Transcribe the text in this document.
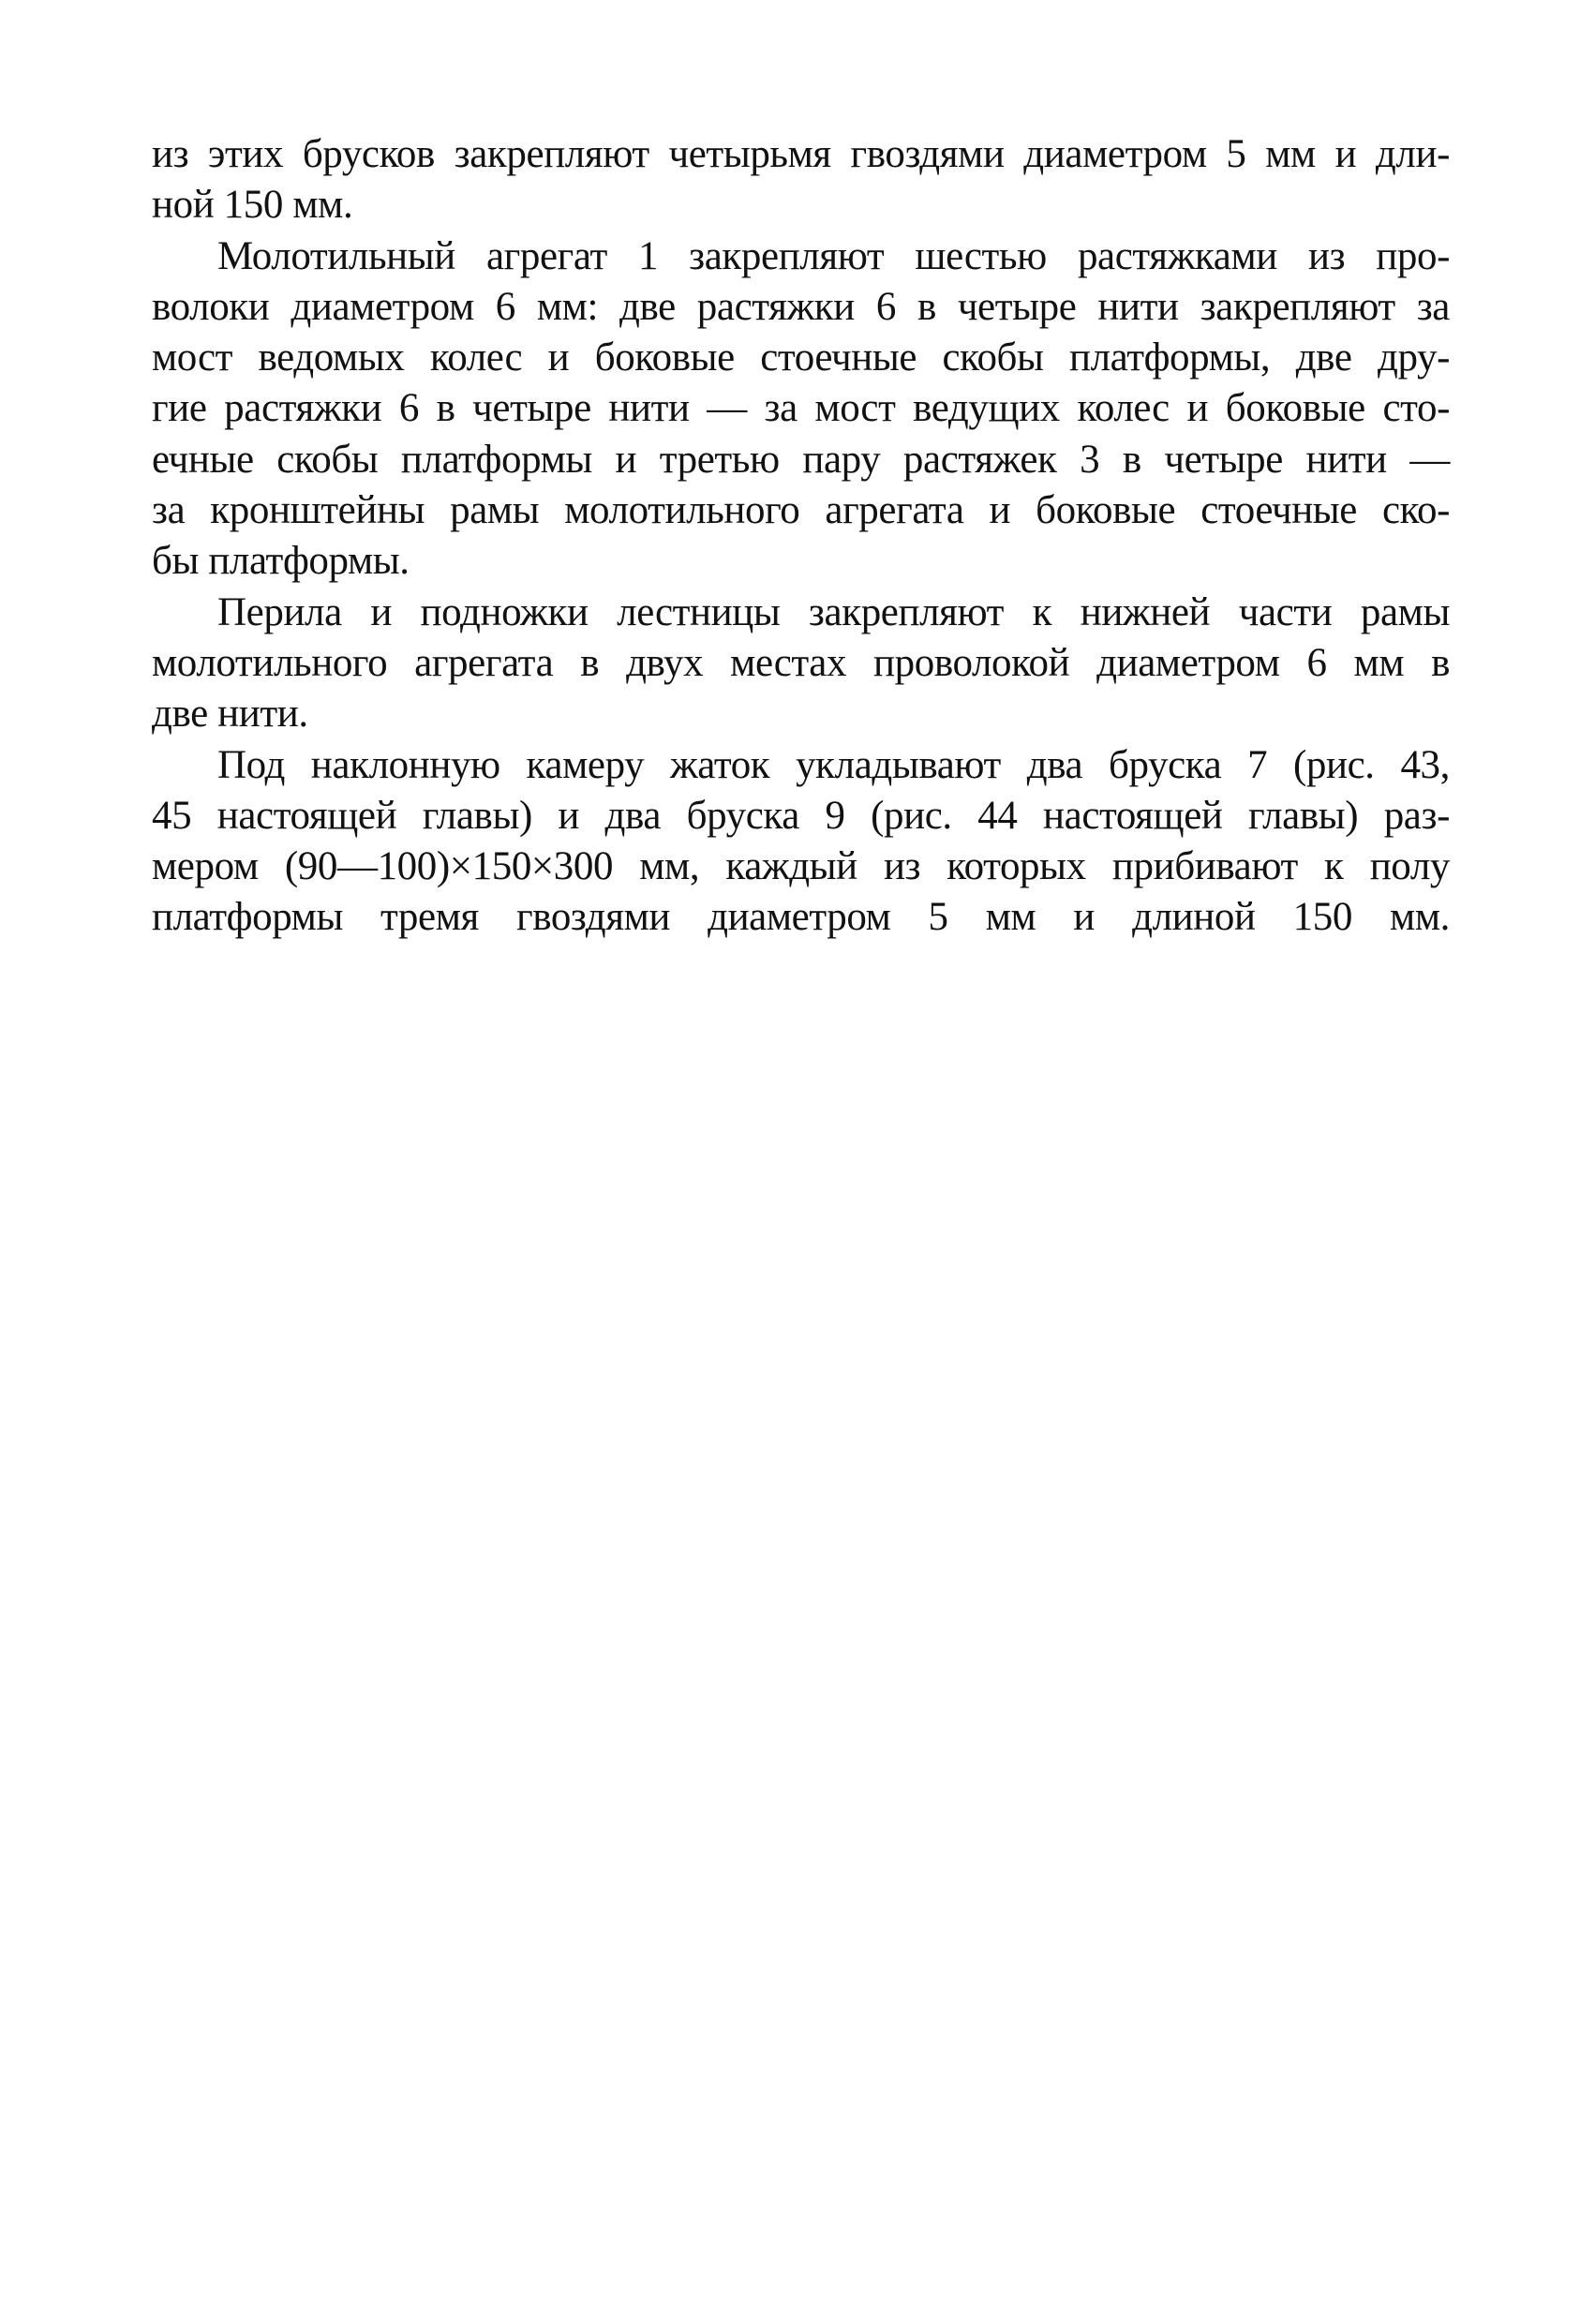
из этих брусков закрепляют четырьмя гвоздями диаметром 5 мм и дли-
ной 150 мм.

Молотильный агрегат 1 закрепляют шестью растяжками из про-
волоки диаметром 6 мм: две растяжки 6 в четыре нити закрепляют за
мост ведомых колес и боковые стоечные скобы платформы, две дру-
гие растяжки 6 в четыре нити — за мост ведущих колес и боковые сто-
ечные скобы платформы и третью пару растяжек 3 в четыре нити —
за кронштейны рамы молотильного агрегата и боковые стоечные ско-
бы платформы.

Перила и подножки лестницы закрепляют к нижней части рамы
молотильного агрегата в двух местах проволокой диаметром 6 мм в
две нити.

Под наклонную камеру жаток укладывают два бруска 7 (рис. 43,
45 настоящей главы) и два бруска 9 (рис. 44 настоящей главы) раз-
мером (90—100)×150×300 мм, каждый из которых прибивают к полу
платформы тремя гвоздями диаметром 5 мм и длиной 150 мм.
